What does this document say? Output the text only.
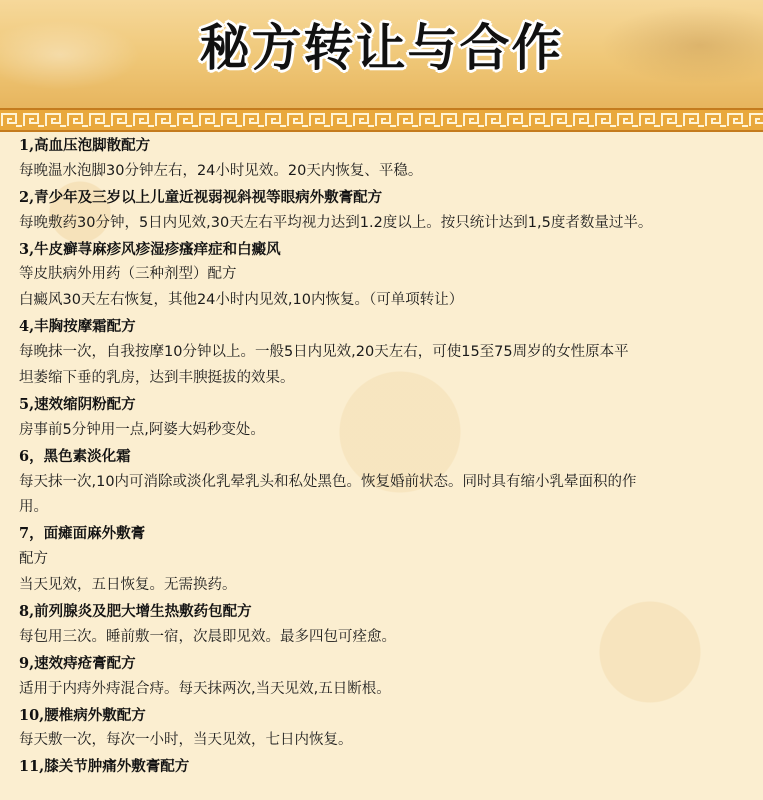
秘方转让与合作
1,高血压泡脚散配方
每晚温水泡脚30分钟左右，24小时见效。20天内恢复、平稳。
2,青少年及三岁以上儿童近视弱视斜视等眼病外敷膏配方
每晚敷药30分钟，5日内见效,30天左右平均视力达到1.2度以上。按只统计达到1,5度者数量过半。
3,牛皮癣荨麻疹风疹湿疹瘙痒症和白癜风
等皮肤病外用药（三种剂型）配方
白癜风30天左右恢复，其他24小时内见效,10内恢复。（可单项转让）
4,丰胸按摩霜配方
每晚抹一次，自我按摩10分钟以上。一般5日内见效,20天左右，可使15至75周岁的女性原本平
坦萎缩下垂的乳房，达到丰腴挺拔的效果。
5,速效缩阴粉配方
房事前5分钟用一点,阿婆大妈秒变处。
6，黑色素淡化霜
每天抹一次,10内可消除或淡化乳晕乳头和私处黑色。恢复婚前状态。同时具有缩小乳晕面积的作
用。
7，面瘫面麻外敷膏
配方
当天见效，五日恢复。无需换药。
8,前列腺炎及肥大增生热敷药包配方
每包用三次。睡前敷一宿，次晨即见效。最多四包可痊愈。
9,速效痔疮膏配方
适用于内痔外痔混合痔。每天抹两次,当天见效,五日断根。
10,腰椎病外敷配方
每天敷一次，每次一小时，当天见效，七日内恢复。
11,膝关节肿痛外敷膏配方
